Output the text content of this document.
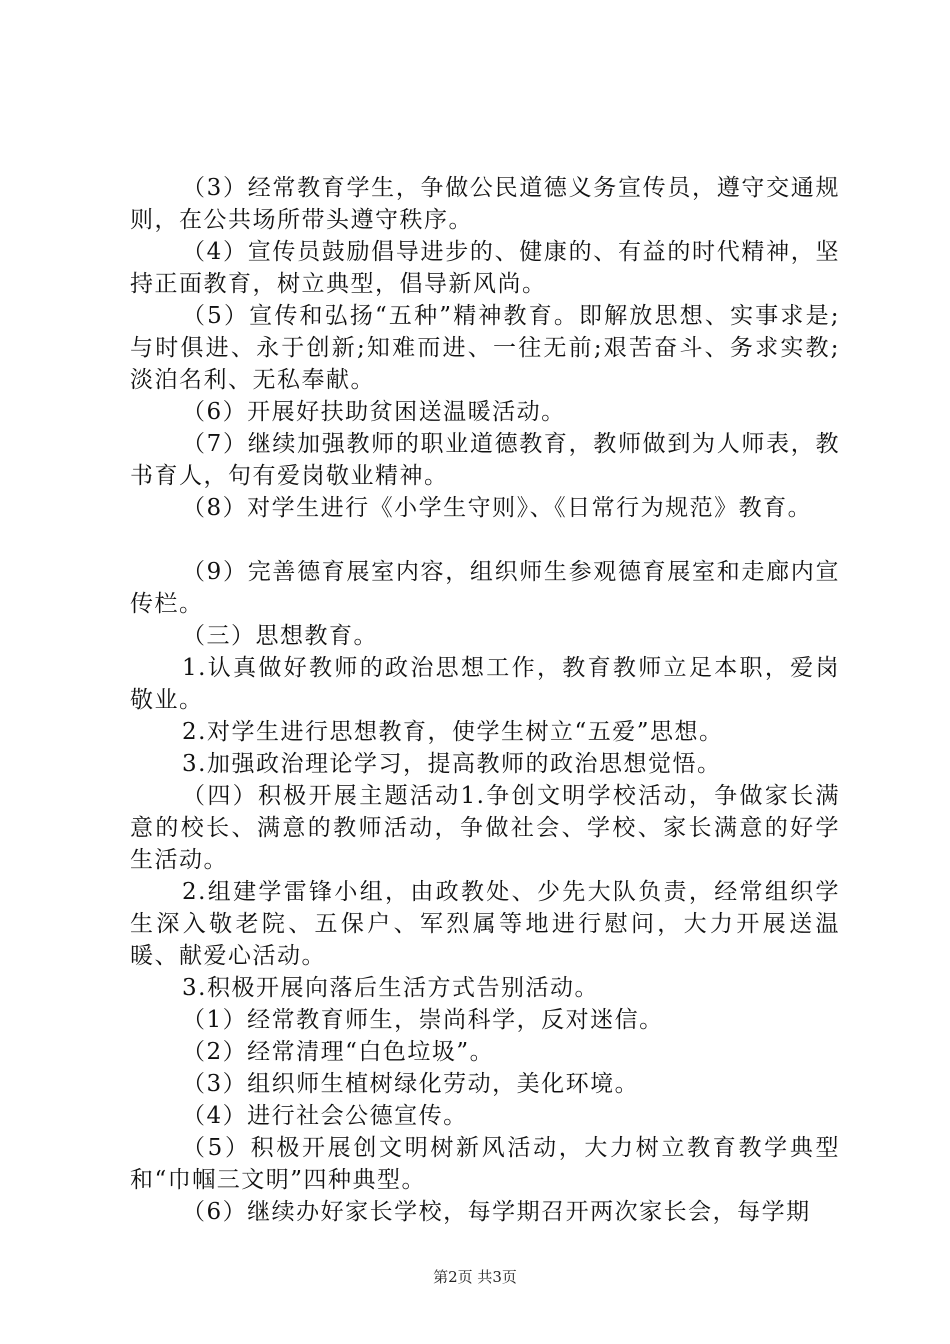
（3）经常教育学生，争做公民道德义务宣传员，遵守交通规则，在公共场所带头遵守秩序。

（4）宣传员鼓励倡导进步的、健康的、有益的时代精神，坚持正面教育，树立典型，倡导新风尚。

（5）宣传和弘扬“五种”精神教育。即解放思想、实事求是;与时俱进、永于创新;知难而进、一往无前;艰苦奋斗、务求实教;淡泊名利、无私奉献。

（6）开展好扶助贫困送温暖活动。

（7）继续加强教师的职业道德教育，教师做到为人师表，教书育人，句有爱岗敬业精神。

（8）对学生进行《小学生守则》、《日常行为规范》教育。

（9）完善德育展室内容，组织师生参观德育展室和走廊内宣传栏。

（三）思想教育。

1.认真做好教师的政治思想工作，教育教师立足本职，爱岗敬业。

2.对学生进行思想教育，使学生树立“五爱”思想。

3.加强政治理论学习，提高教师的政治思想觉悟。

（四）积极开展主题活动1.争创文明学校活动，争做家长满意的校长、满意的教师活动，争做社会、学校、家长满意的好学生活动。

2.组建学雷锋小组，由政教处、少先大队负责，经常组织学生深入敬老院、五保户、军烈属等地进行慰问，大力开展送温暖、献爱心活动。

3.积极开展向落后生活方式告别活动。

（1）经常教育师生，崇尚科学，反对迷信。

（2）经常清理“白色垃圾”。

（3）组织师生植树绿化劳动，美化环境。

（4）进行社会公德宣传。

（5）积极开展创文明树新风活动，大力树立教育教学典型和“巾帼三文明”四种典型。

（6）继续办好家长学校，每学期召开两次家长会，每学期

第2页 共3页
